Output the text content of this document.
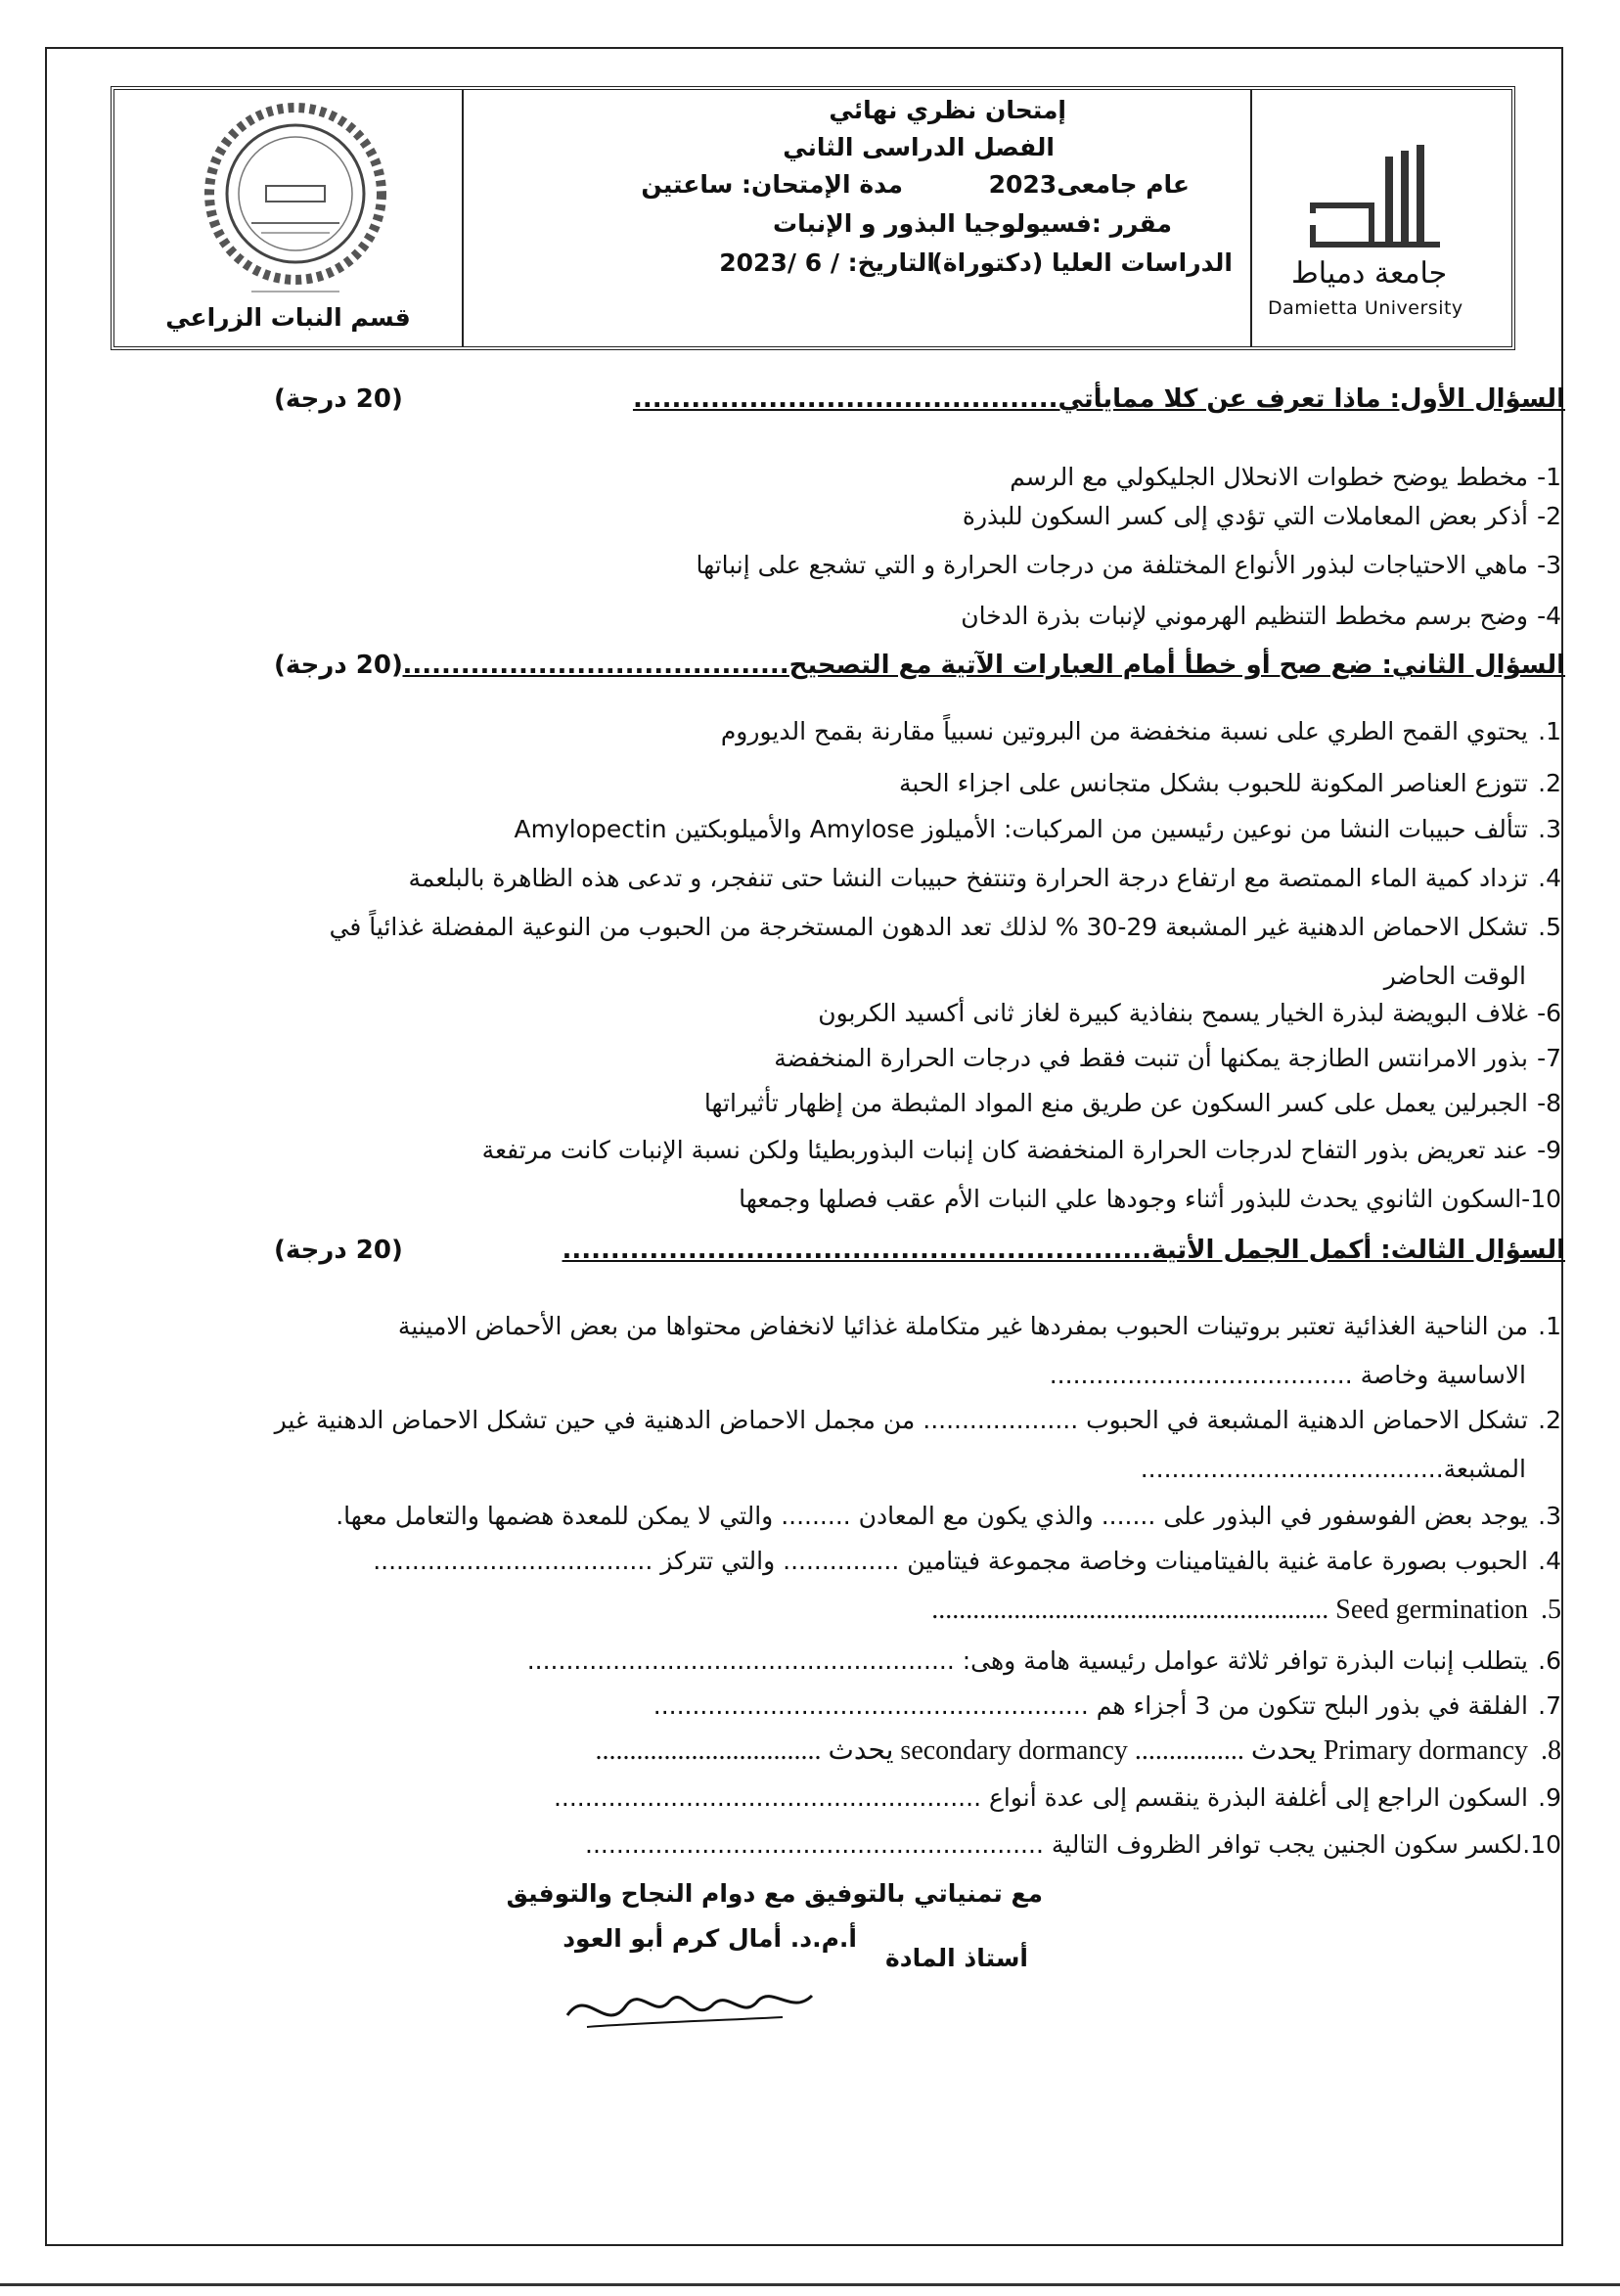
قسم النبات الزراعي
إمتحان نظري نهائي
الفصل الدراسى الثاني
عام جامعى2023
مدة الإمتحان: ساعتين
مقرر :فسيولوجيا البذور و الإنبات
الدراسات العليا (دكتوراة)
التاريخ: / 6 /2023	جامعة دمياط
Damietta University
السؤال الأول: ماذا تعرف عن كلا ممايأتي............................................
(20 درجة)
1-مخطط يوضح خطوات الانحلال الجليكولي مع الرسم
2-أذكر بعض المعاملات التي تؤدي إلى كسر السكون للبذرة
3-ماهي الاحتياجات لبذور الأنواع المختلفة من درجات الحرارة و التي تشجع على إنباتها
4-وضح برسم مخطط التنظيم الهرموني لإنبات بذرة الدخان
السؤال الثاني: ضع صح أو خطأ أمام العبارات الآتية مع التصحيح........................................
(20 درجة)
1.يحتوي القمح الطري على نسبة منخفضة من البروتين نسبياً مقارنة بقمح الديوروم
2.تتوزع العناصر المكونة للحبوب بشكل متجانس على اجزاء الحبة
3.تتألف حبيبات النشا من نوعين رئيسين من المركبات: الأميلوز Amylose والأميلوبكتين Amylopectin
4.تزداد كمية الماء الممتصة مع ارتفاع درجة الحرارة وتنتفخ حبيبات النشا حتى تنفجر، و تدعى هذه الظاهرة بالبلعمة
5.تشكل الاحماض الدهنية غير المشبعة 29-30 % لذلك تعد الدهون المستخرجة من الحبوب من النوعية المفضلة غذائياً في
الوقت الحاضر
6-غلاف البويضة لبذرة الخيار يسمح بنفاذية كبيرة لغاز ثانى أكسيد الكربون
7-بذور الامرانتس الطازجة يمكنها أن تنبت فقط في درجات الحرارة المنخفضة
8-الجبرلين يعمل على كسر السكون عن طريق منع المواد المثبطة من إظهار تأثيراتها
9-عند تعريض بذور التفاح لدرجات الحرارة المنخفضة كان إنبات البذوربطيئا ولكن نسبة الإنبات كانت مرتفعة
10-السكون الثانوي يحدث للبذور أثناء وجودها علي النبات الأم عقب فصلها وجمعها
السؤال الثالث: أكمل الجمل الأتية.............................................................
(20 درجة)
1.من الناحية الغذائية تعتبر بروتينات الحبوب بمفردها غير متكاملة غذائيا لانخفاض محتواها من بعض الأحماض الامينية
الاساسية وخاصة .......................................
2.تشكل الاحماض الدهنية المشبعة في الحبوب .................... من مجمل الاحماض الدهنية في حين تشكل الاحماض الدهنية غير
المشبعة.......................................
3.يوجد بعض الفوسفور في البذور على ....... والذي يكون مع المعادن ......... والتي لا يمكن للمعدة هضمها والتعامل معها.
4.الحبوب بصورة عامة غنية بالفيتامينات وخاصة مجموعة فيتامين ............... والتي تتركز ....................................
5.Seed germination ..........................................................
6.يتطلب إنبات البذرة توافر ثلاثة عوامل رئيسية هامة وهى: .......................................................
7.الفلقة في بذور البلح تتكون من 3 أجزاء هم ........................................................
8.Primary dormancy يحدث ................ secondary dormancy يحدث .................................
9.السكون الراجع إلى أغلفة البذرة ينقسم إلى عدة أنواع .......................................................
10.لكسر سكون الجنين يجب توافر الظروف التالية ...........................................................
مع تمنياتي بالتوفيق مع دوام النجاح والتوفيق
أستاذ المادة
أ.م.د. أمال كرم أبو العود
